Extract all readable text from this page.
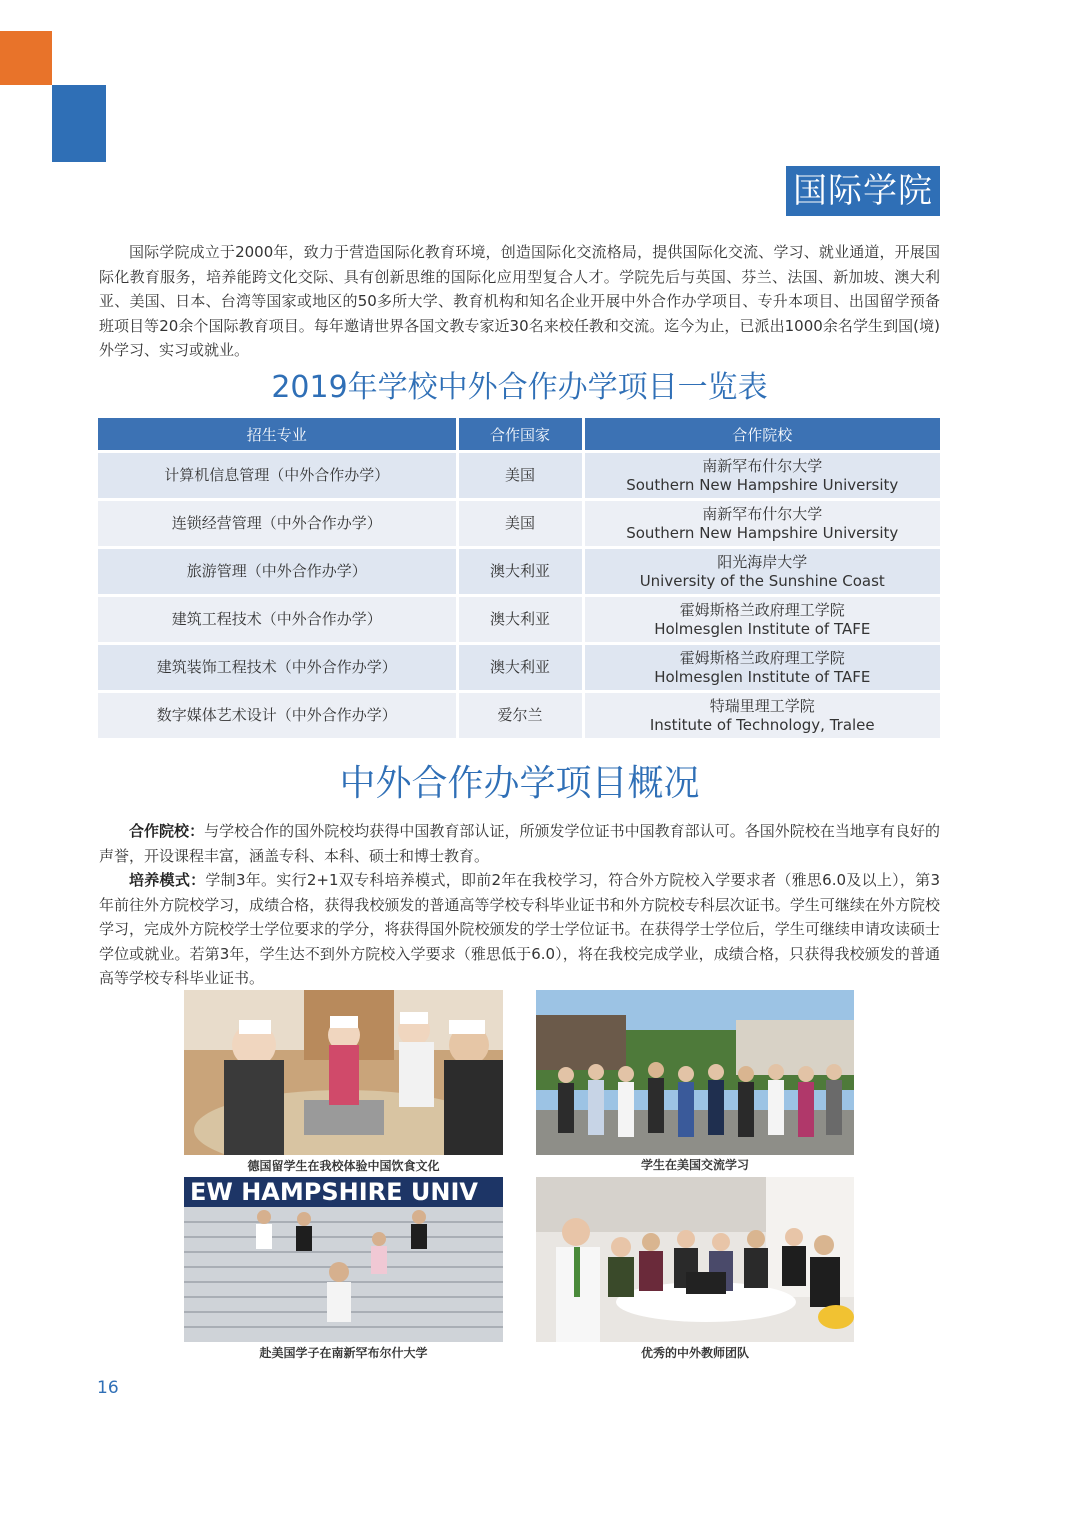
国际学院
国际学院成立于2000年，致力于营造国际化教育环境，创造国际化交流格局，提供国际化交流、学习、就业通道，开展国际化教育服务，培养能跨文化交际、具有创新思维的国际化应用型复合人才。学院先后与英国、芬兰、法国、新加坡、澳大利亚、美国、日本、台湾等国家或地区的50多所大学、教育机构和知名企业开展中外合作办学项目、专升本项目、出国留学预备班项目等20余个国际教育项目。每年邀请世界各国文教专家近30名来校任教和交流。迄今为止，已派出1000余名学生到国(境)外学习、实习或就业。
2019年学校中外合作办学项目一览表
招生专业	合作国家	合作院校
计算机信息管理（中外合作办学）	美国	南新罕布什尔大学
Southern New Hampshire University

连锁经营管理（中外合作办学）	美国	南新罕布什尔大学
Southern New Hampshire University

旅游管理（中外合作办学）	澳大利亚	阳光海岸大学
University of the Sunshine Coast

建筑工程技术（中外合作办学）	澳大利亚	霍姆斯格兰政府理工学院
Holmesglen Institute of TAFE

建筑装饰工程技术（中外合作办学）	澳大利亚	霍姆斯格兰政府理工学院
Holmesglen Institute of TAFE

数字媒体艺术设计（中外合作办学）	爱尔兰	特瑞里理工学院
Institute of Technology, Tralee
中外合作办学项目概况

合作院校：与学校合作的国外院校均获得中国教育部认证，所颁发学位证书中国教育部认可。各国外院校在当地享有良好的声誉，开设课程丰富，涵盖专科、本科、硕士和博士教育。

培养模式：学制3年。实行2+1双专科培养模式，即前2年在我校学习，符合外方院校入学要求者（雅思6.0及以上），第3年前往外方院校学习，成绩合格，获得我校颁发的普通高等学校专科毕业证书和外方院校专科层次证书。学生可继续在外方院校学习，完成外方院校学士学位要求的学分，将获得国外院校颁发的学士学位证书。在获得学士学位后，学生可继续申请攻读硕士学位或就业。若第3年，学生达不到外方院校入学要求（雅思低于6.0），将在我校完成学业，成绩合格，只获得我校颁发的普通高等学校专科毕业证书。

德国留学生在我校体验中国饮食文化	学生在美国交流学习
EW HAMPSHIRE UNIV
赴美国学子在南新罕布尔什大学	优秀的中外教师团队
16
